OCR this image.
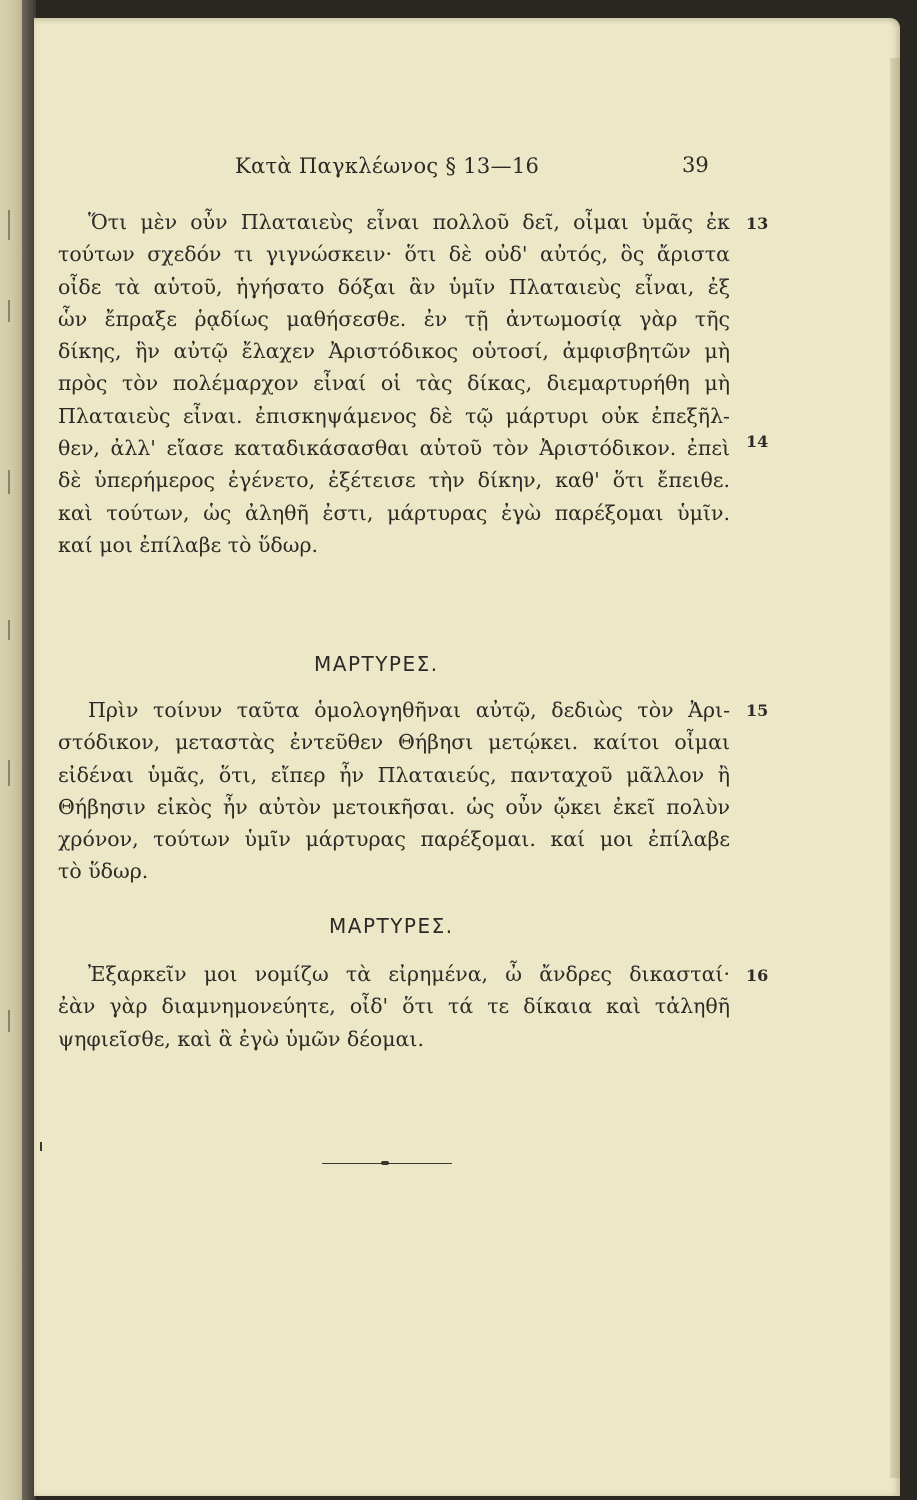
Κατὰ Παγκλέωνος § 13—16	39
Ὅτι μὲν οὖν Πλαταιεὺς εἶναι πολλοῦ δεῖ, οἶμαι ὑμᾶς ἐκ
τούτων σχεδόν τι γιγνώσκειν· ὅτι δὲ οὐδ' αὐτός, ὃς ἄριστα
οἶδε τὰ αὑτοῦ, ἡγήσατο δόξαι ἂν ὑμῖν Πλαταιεὺς εἶναι, ἐξ
ὧν ἔπραξε ῥᾳδίως μαθήσεσθε. ἐν τῇ ἀντωμοσίᾳ γὰρ τῆς
δίκης, ἣν αὐτῷ ἔλαχεν Ἀριστόδικος οὑτοσί, ἀμφισβητῶν μὴ
πρὸς τὸν πολέμαρχον εἶναί οἱ τὰς δίκας, διεμαρτυρήθη μὴ
Πλαταιεὺς εἶναι. ἐπισκηψάμενος δὲ τῷ μάρτυρι οὐκ ἐπεξῆλ-
θεν, ἀλλ' εἴασε καταδικάσασθαι αὑτοῦ τὸν Ἀριστόδικον. ἐπεὶ
δὲ ὑπερήμερος ἐγένετο, ἐξέτεισε τὴν δίκην, καθ' ὅτι ἔπειθε.
καὶ τούτων, ὡς ἀληθῆ ἐστι, μάρτυρας ἐγὼ παρέξομαι ὑμῖν.
καί μοι ἐπίλαβε τὸ ὕδωρ.
13
14
ΜΑΡΤΥΡΕΣ.
Πρὶν τοίνυν ταῦτα ὁμολογηθῆναι αὐτῷ, δεδιὼς τὸν Ἀρι-
στόδικον, μεταστὰς ἐντεῦθεν Θήβησι μετῴκει. καίτοι οἶμαι
εἰδέναι ὑμᾶς, ὅτι, εἴπερ ἦν Πλαταιεύς, πανταχοῦ μᾶλλον ἢ
Θήβησιν εἰκὸς ἦν αὐτὸν μετοικῆσαι. ὡς οὖν ᾤκει ἐκεῖ πολὺν
χρόνον, τούτων ὑμῖν μάρτυρας παρέξομαι. καί μοι ἐπίλαβε
τὸ ὕδωρ.
15
ΜΑΡΤΥΡΕΣ.
Ἐξαρκεῖν μοι νομίζω τὰ εἰρημένα, ὦ ἄνδρες δικασταί·
ἐὰν γὰρ διαμνημονεύητε, οἶδ' ὅτι τά τε δίκαια καὶ τἀληθῆ
ψηφιεῖσθε, καὶ ἃ ἐγὼ ὑμῶν δέομαι.
16
